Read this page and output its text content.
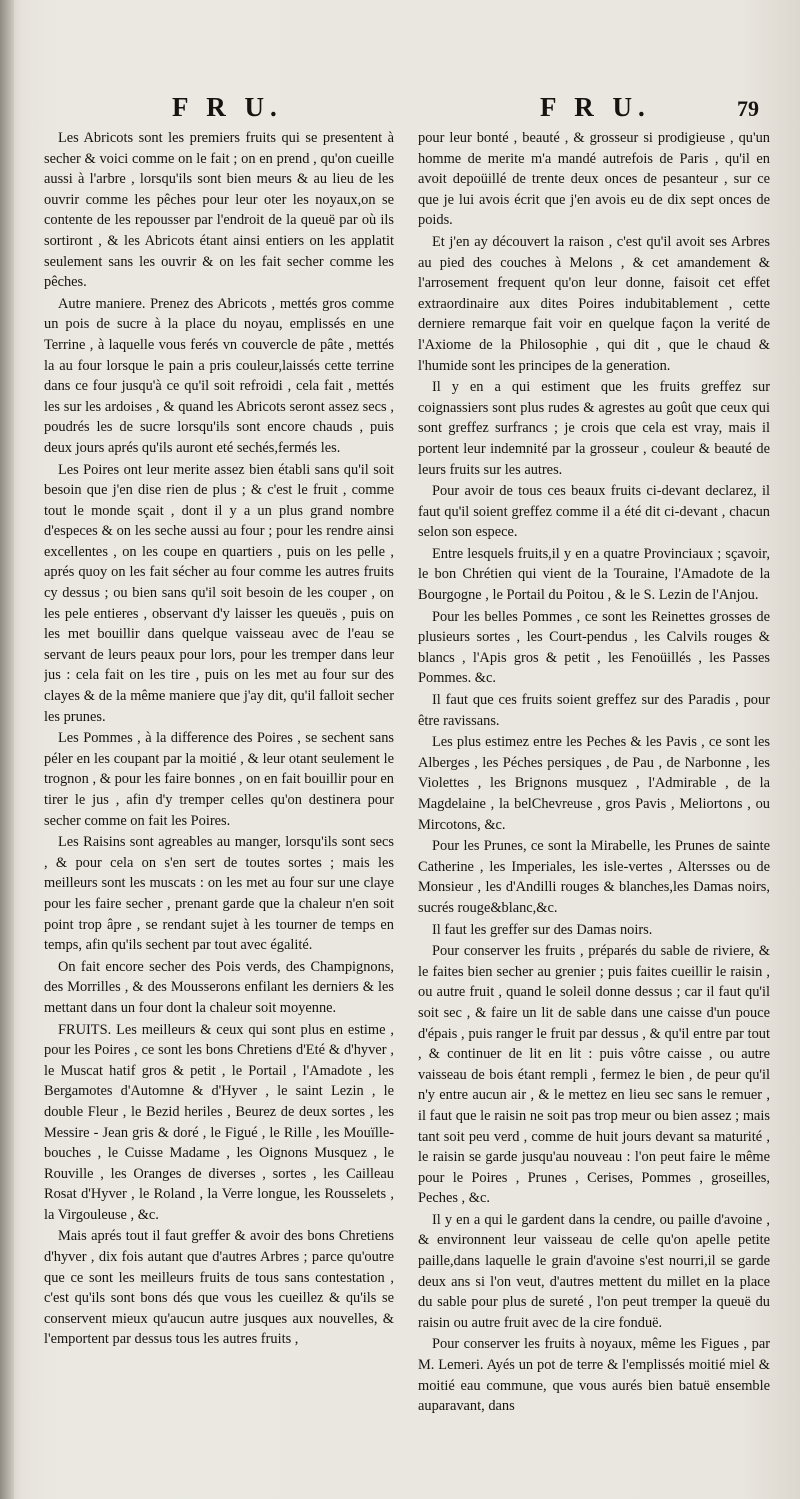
F R U.	F R U.	79

Les Abricots sont les premiers fruits qui se presentent à secher & voici comme on le fait ; on en prend , qu'on cueille aussi à l'arbre , lorsqu'ils sont bien meurs & au lieu de les ouvrir comme les pêches pour leur oter les noyaux,on se contente de les repousser par l'endroit de la queuë par où ils sortiront , & les Abricots étant ainsi entiers on les applatit seulement sans les ouvrir & on les fait secher comme les pêches.

Autre maniere. Prenez des Abricots , mettés gros comme un pois de sucre à la place du noyau, emplissés en une Terrine , à laquelle vous ferés vn couvercle de pâte , mettés la au four lorsque le pain a pris couleur,laissés cette terrine dans ce four jusqu'à ce qu'il soit refroidi , cela fait , mettés les sur les ardoises , & quand les Abricots seront assez secs , poudrés les de sucre lorsqu'ils sont encore chauds , puis deux jours aprés qu'ils auront eté sechés,fermés les.

Les Poires ont leur merite assez bien établi sans qu'il soit besoin que j'en dise rien de plus ; & c'est le fruit , comme tout le monde sçait , dont il y a un plus grand nombre d'especes & on les seche aussi au four ; pour les rendre ainsi excellentes , on les coupe en quartiers , puis on les pelle , aprés quoy on les fait sécher au four comme les autres fruits cy dessus ; ou bien sans qu'il soit besoin de les couper , on les pele entieres , observant d'y laisser les queuës , puis on les met bouillir dans quelque vaisseau avec de l'eau se servant de leurs peaux pour lors, pour les tremper dans leur jus : cela fait on les tire , puis on les met au four sur des clayes & de la même maniere que j'ay dit, qu'il falloit secher les prunes.

Les Pommes , à la difference des Poires , se sechent sans péler en les coupant par la moitié , & leur otant seulement le trognon , & pour les faire bonnes , on en fait bouillir pour en tirer le jus , afin d'y tremper celles qu'on destinera pour secher comme on fait les Poires.

Les Raisins sont agreables au manger, lorsqu'ils sont secs , & pour cela on s'en sert de toutes sortes ; mais les meilleurs sont les muscats : on les met au four sur une claye pour les faire secher , prenant garde que la chaleur n'en soit point trop âpre , se rendant sujet à les tourner de temps en temps, afin qu'ils sechent par tout avec égalité.

On fait encore secher des Pois verds, des Champignons, des Morrilles , & des Mousserons enfilant les derniers & les mettant dans un four dont la chaleur soit moyenne.

FRUITS. Les meilleurs & ceux qui sont plus en estime , pour les Poires , ce sont les bons Chretiens d'Eté & d'hyver , le Muscat hatif gros & petit , le Portail , l'Amadote , les Bergamotes d'Automne & d'Hyver , le saint Lezin , le double Fleur , le Bezid heriles , Beurez de deux sortes , les Messire - Jean gris & doré , le Figué , le Rille , les Mouïlle-bouches , le Cuisse Madame , les Oignons Musquez , le Rouville , les Oranges de diverses , sortes , les Cailleau Rosat d'Hyver , le Roland , la Verre longue, les Rousselets , la Virgouleuse , &c.

Mais aprés tout il faut greffer & avoir des bons Chretiens d'hyver , dix fois autant que d'autres Arbres ; parce qu'outre que ce sont les meilleurs fruits de tous sans contestation , c'est qu'ils sont bons dés que vous les cueillez & qu'ils se conservent mieux qu'aucun autre jusques aux nouvelles, & l'emportent par dessus tous les autres fruits ,

pour leur bonté , beauté , & grosseur si prodigieuse , qu'un homme de merite m'a mandé autrefois de Paris , qu'il en avoit depoüillé de trente deux onces de pesanteur , sur ce que je lui avois écrit que j'en avois eu de dix sept onces de poids.

Et j'en ay découvert la raison , c'est qu'il avoit ses Arbres au pied des couches à Melons , & cet amandement & l'arrosement frequent qu'on leur donne, faisoit cet effet extraordinaire aux dites Poires indubitablement , cette derniere remarque fait voir en quelque façon la verité de l'Axiome de la Philosophie , qui dit , que le chaud & l'humide sont les principes de la generation.

Il y en a qui estiment que les fruits greffez sur coignassiers sont plus rudes & agrestes au goût que ceux qui sont greffez surfrancs ; je crois que cela est vray, mais il portent leur indemnité par la grosseur , couleur & beauté de leurs fruits sur les autres.

Pour avoir de tous ces beaux fruits ci-devant declarez, il faut qu'il soient greffez comme il a été dit ci-devant , chacun selon son espece.

Entre lesquels fruits,il y en a quatre Provinciaux ; sçavoir, le bon Chrétien qui vient de la Touraine, l'Amadote de la Bourgogne , le Portail du Poitou , & le S. Lezin de l'Anjou.

Pour les belles Pommes , ce sont les Reinettes grosses de plusieurs sortes , les Court-pendus , les Calvils rouges & blancs , l'Apis gros & petit , les Fenoüillés , les Passes Pommes. &c.

Il faut que ces fruits soient greffez sur des Paradis , pour être ravissans.

Les plus estimez entre les Peches & les Pavis , ce sont les Alberges , les Péches persiques , de Pau , de Narbonne , les Violettes , les Brignons musquez , l'Admirable , de la Magdelaine , la belChevreuse , gros Pavis , Meliortons , ou Mircotons, &c.

Pour les Prunes, ce sont la Mirabelle, les Prunes de sainte Catherine , les Imperiales, les isle-vertes , Altersses ou de Monsieur , les d'Andilli rouges & blanches,les Damas noirs, sucrés rouge&blanc,&c.

Il faut les greffer sur des Damas noirs.

Pour conserver les fruits , préparés du sable de riviere, & le faites bien secher au grenier ; puis faites cueillir le raisin , ou autre fruit , quand le soleil donne dessus ; car il faut qu'il soit sec , & faire un lit de sable dans une caisse d'un pouce d'épais , puis ranger le fruit par dessus , & qu'il entre par tout , & continuer de lit en lit : puis vôtre caisse , ou autre vaisseau de bois étant rempli , fermez le bien , de peur qu'il n'y entre aucun air , & le mettez en lieu sec sans le remuer , il faut que le raisin ne soit pas trop meur ou bien assez ; mais tant soit peu verd , comme de huit jours devant sa maturité , le raisin se garde jusqu'au nouveau : l'on peut faire le même pour le Poires , Prunes , Cerises, Pommes , groseilles, Peches , &c.

Il y en a qui le gardent dans la cendre, ou paille d'avoine , & environnent leur vaisseau de celle qu'on apelle petite paille,dans laquelle le grain d'avoine s'est nourri,il se garde deux ans si l'on veut, d'autres mettent du millet en la place du sable pour plus de sureté , l'on peut tremper la queuë du raisin ou autre fruit avec de la cire fonduë.

Pour conserver les fruits à noyaux, même les Figues , par M. Lemeri. Ayés un pot de terre & l'emplissés moitié miel & moitié eau commune, que vous aurés bien batuë ensemble auparavant, dans
